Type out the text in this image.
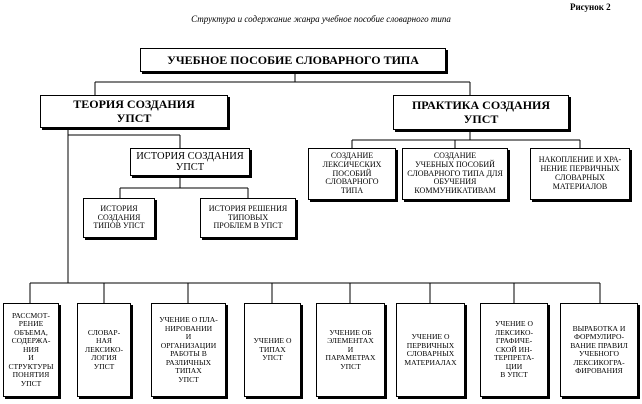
Рисунок 2
Структура и содержание жанра учебное пособие словарного типа
УЧЕБНОЕ ПОСОБИЕ СЛОВАРНОГО ТИПА
ТЕОРИЯ СОЗДАНИЯ
УПСТ
ПРАКТИКА СОЗДАНИЯ
УПСТ
ИСТОРИЯ СОЗДАНИЯ
УПСТ
ИСТОРИЯ
СОЗДАНИЯ
ТИПОВ УПСТ
ИСТОРИЯ РЕШЕНИЯ
ТИПОВЫХ
ПРОБЛЕМ В УПСТ
СОЗДАНИЕ
ЛЕКСИЧЕСКИХ
ПОСОБИЙ
СЛОВАРНОГО
ТИПА
СОЗДАНИЕ
УЧЕБНЫХ ПОСОБИЙ
СЛОВАРНОГО ТИПА ДЛЯ
ОБУЧЕНИЯ
КОММУНИКАТИВАМ
НАКОПЛЕНИЕ И ХРА-
НЕНИЕ ПЕРВИЧНЫХ
СЛОВАРНЫХ
МАТЕРИАЛОВ
РАССМОТ-
РЕНИЕ
ОБЪЕМА,
СОДЕРЖА-
НИЯ
И
СТРУКТУРЫ
ПОНЯТИЯ
УПСТ
СЛОВАР-
НАЯ
ЛЕКСИКО-
ЛОГИЯ
УПСТ
УЧЕНИЕ О ПЛА-
НИРОВАНИИ
И
ОРГАНИЗАЦИИ
РАБОТЫ В
РАЗЛИЧНЫХ
ТИПАХ
УПСТ
УЧЕНИЕ О
ТИПАХ
УПСТ
УЧЕНИЕ ОБ
ЭЛЕМЕНТАХ
И
ПАРАМЕТРАХ
УПСТ
УЧЕНИЕ О
ПЕРВИЧНЫХ
СЛОВАРНЫХ
МАТЕРИАЛАХ
УЧЕНИЕ О
ЛЕКСИКО-
ГРАФИЧЕ-
СКОЙ ИН-
ТЕРПРЕТА-
ЦИИ
В УПСТ
ВЫРАБОТКА И ФОРМУЛИРО-
ВАНИЕ ПРАВИЛ
УЧЕБНОГО
ЛЕКСИКОГРА-
ФИРОВАНИЯ
